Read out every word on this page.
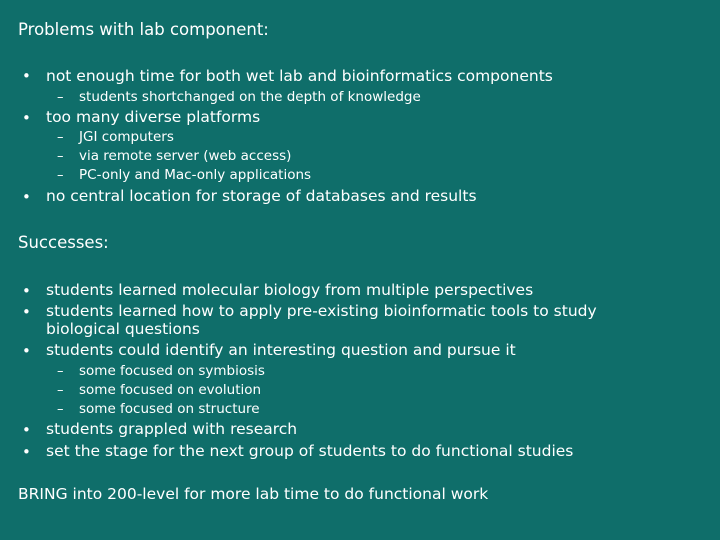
Problems with lab component:
• not enough time for both wet lab and bioinformatics components
– students shortchanged on the depth of knowledge
• too many diverse platforms
– JGI computers
– via remote server (web access)
– PC-only and Mac-only applications
• no central location for storage of databases and results
Successes:
• students learned molecular biology from multiple perspectives
• students learned how to apply pre-existing bioinformatic tools to study
biological questions
• students could identify an interesting question and pursue it
– some focused on symbiosis
– some focused on evolution
– some focused on structure
• students grappled with research
• set the stage for the next group of students to do functional studies
BRING into 200-level for more lab time to do functional work
